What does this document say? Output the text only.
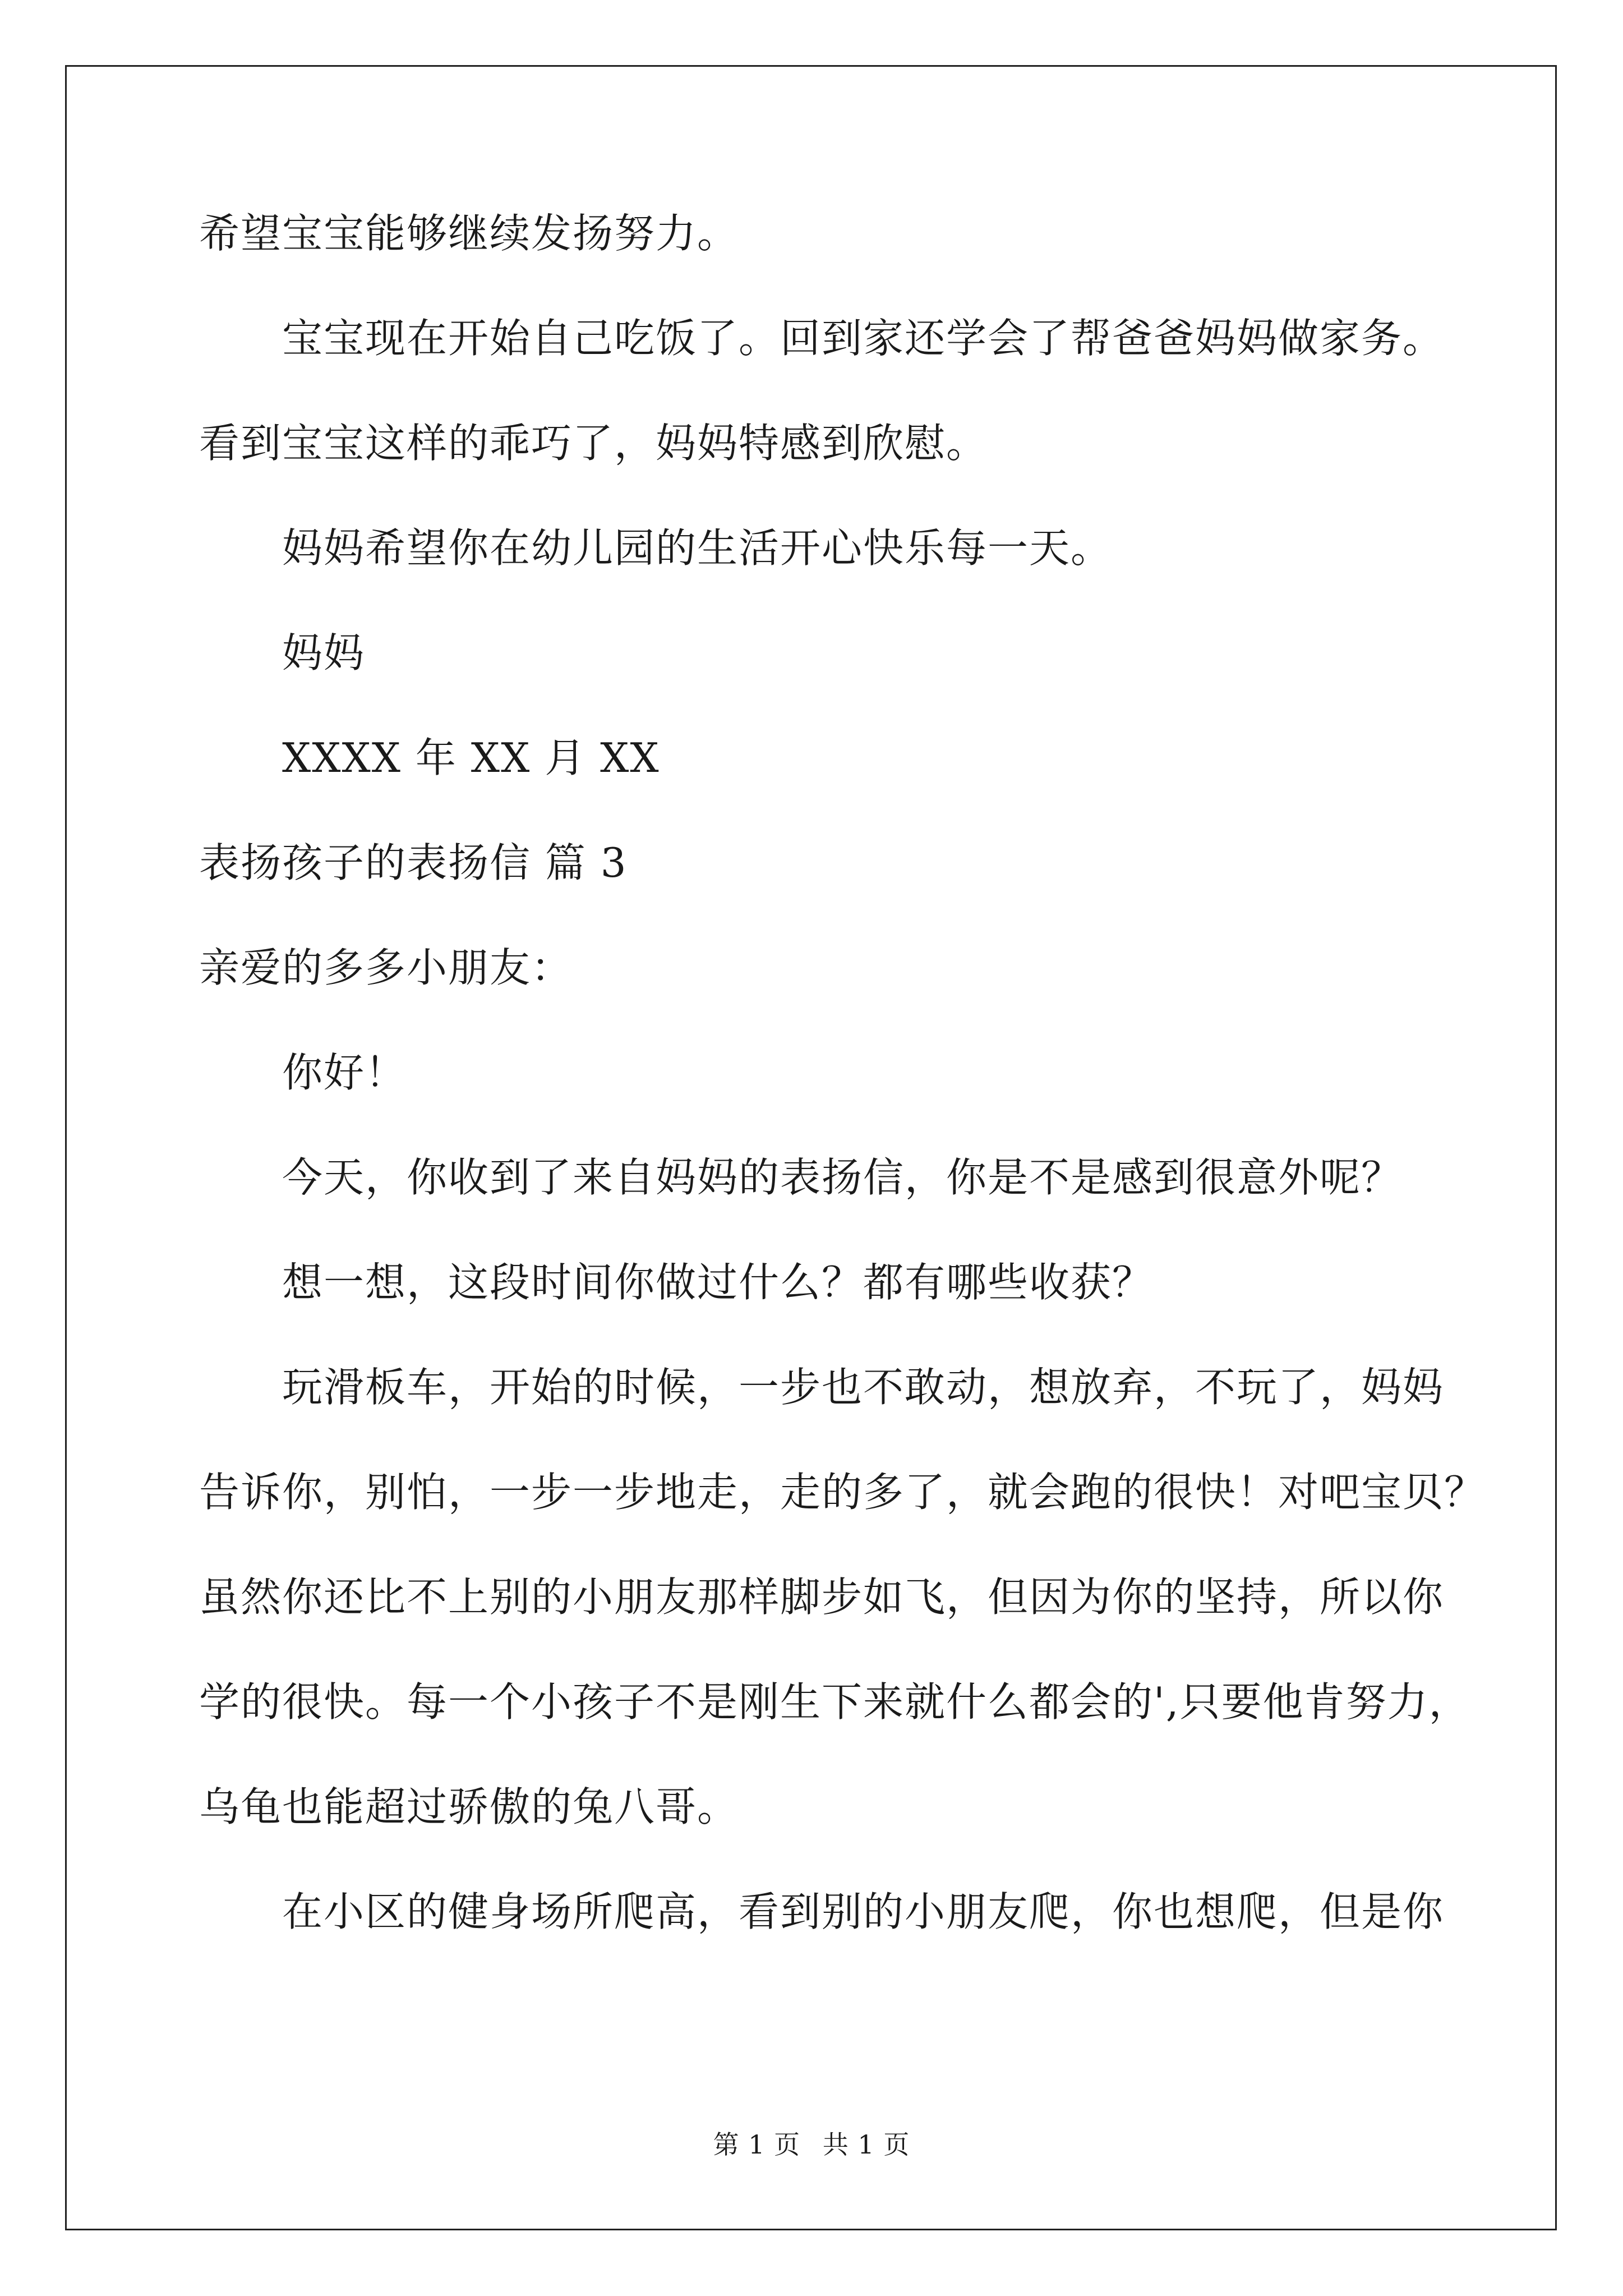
希望宝宝能够继续发扬努力。
宝宝现在开始自己吃饭了。回到家还学会了帮爸爸妈妈做家务。
看到宝宝这样的乖巧了，妈妈特感到欣慰。
妈妈希望你在幼儿园的生活开心快乐每一天。
妈妈
XXXX 年 XX 月 XX
表扬孩子的表扬信 篇 3
亲爱的多多小朋友：
你好！
今天，你收到了来自妈妈的表扬信，你是不是感到很意外呢？
想一想，这段时间你做过什么？都有哪些收获？
玩滑板车，开始的时候，一步也不敢动，想放弃，不玩了，妈妈
告诉你，别怕，一步一步地走，走的多了，就会跑的很快！对吧宝贝？
虽然你还比不上别的小朋友那样脚步如飞，但因为你的坚持，所以你
学的很快。每一个小孩子不是刚生下来就什么都会的',只要他肯努力，
乌龟也能超过骄傲的兔八哥。
在小区的健身场所爬高，看到别的小朋友爬，你也想爬，但是你
第 1 页 共 1 页
